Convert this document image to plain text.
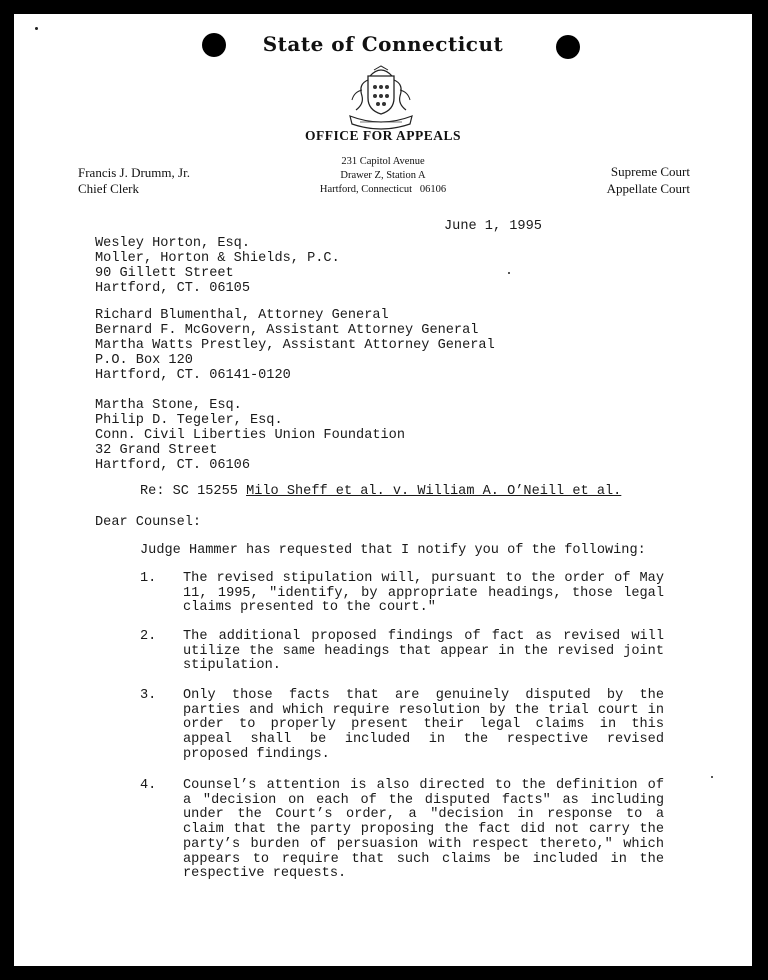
State of Connecticut
OFFICE FOR APPEALS
231 Capitol Avenue
Drawer Z, Station A
Hartford, Connecticut   06106
Francis J. Drumm, Jr.
Chief Clerk
Supreme Court
Appellate Court
June 1, 1995
Wesley Horton, Esq.
Moller, Horton & Shields, P.C.
90 Gillett Street
Hartford, CT. 06105
Richard Blumenthal, Attorney General
Bernard F. McGovern, Assistant Attorney General
Martha Watts Prestley, Assistant Attorney General
P.O. Box 120
Hartford, CT. 06141-0120
Martha Stone, Esq.
Philip D. Tegeler, Esq.
Conn. Civil Liberties Union Foundation
32 Grand Street
Hartford, CT. 06106
Re: SC 15255 Milo Sheff et al. v. William A. O’Neill et al.
Dear Counsel:
Judge Hammer has requested that I notify you of the following:
1. The revised stipulation will, pursuant to the order of May 11, 1995, "identify, by appropriate headings, those legal claims presented to the court."
2. The additional proposed findings of fact as revised will utilize the same headings that appear in the revised joint stipulation.
3. Only those facts that are genuinely disputed by the parties and which require resolution by the trial court in order to properly present their legal claims in this appeal shall be included in the respective revised proposed findings.
4. Counsel’s attention is also directed to the definition of a "decision on each of the disputed facts" as including under the Court’s order, a "decision in response to a claim that the party proposing the fact did not carry the party’s burden of persuasion with respect thereto," which appears to require that such claims be included in the respective requests.
